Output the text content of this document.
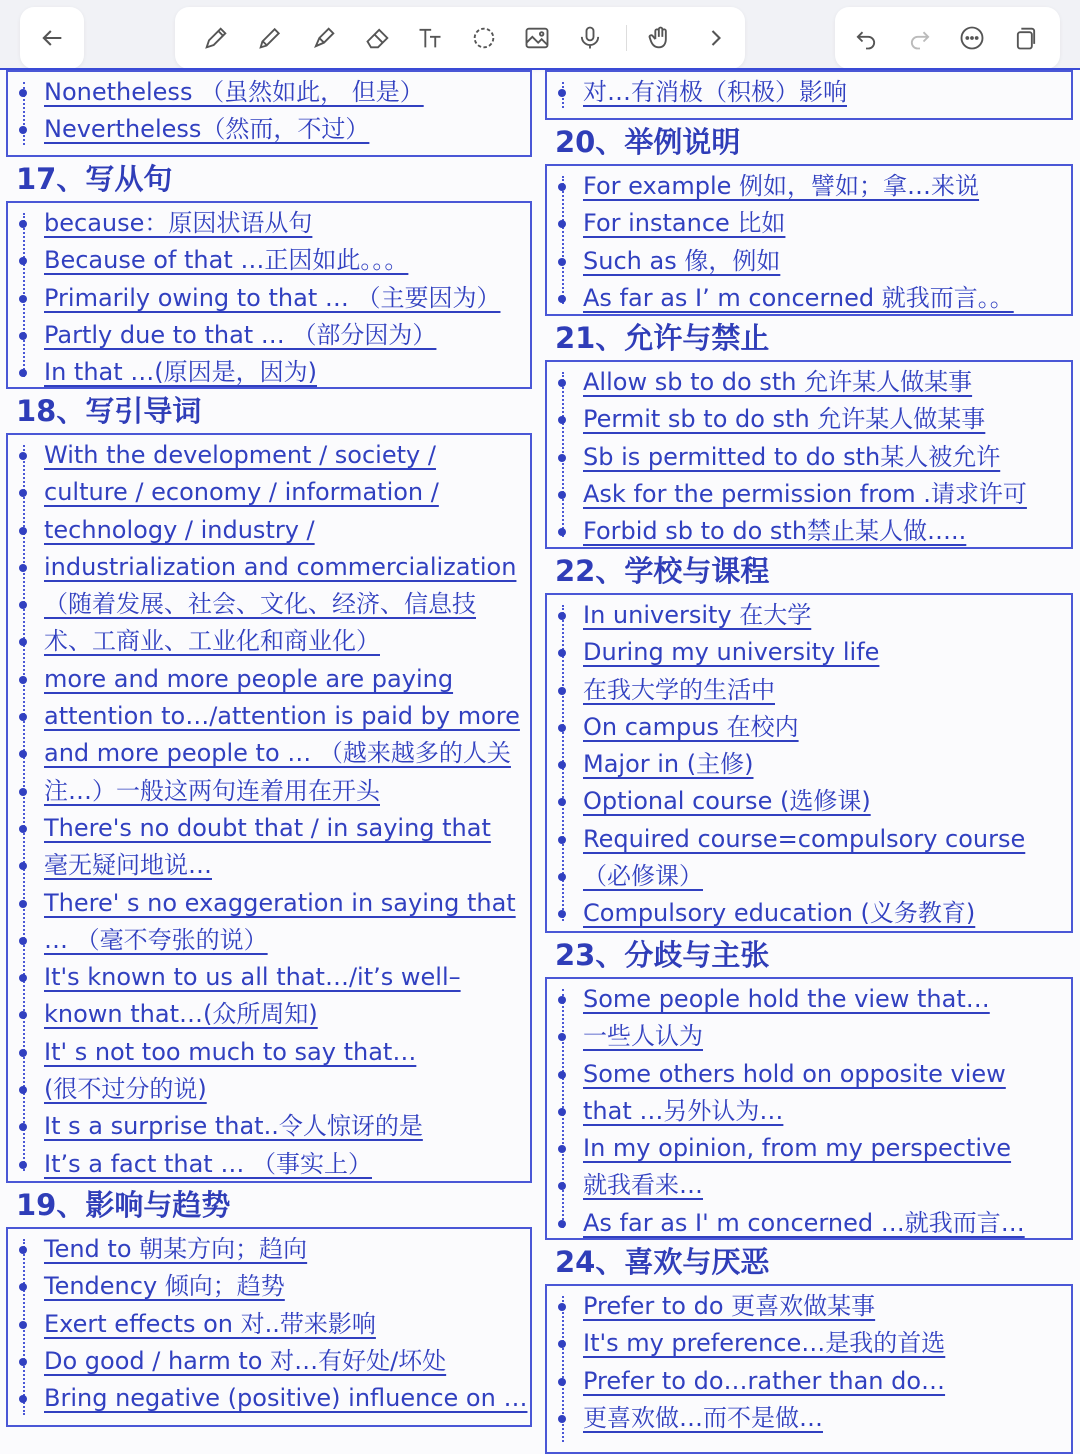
Nonetheless （虽然如此， 但是）
Nevertheless（然而，不过）
17、写从句
because：原因状语从句
Because of that …正因如此。。。
Primarily owing to that … （主要因为）
Partly due to that … （部分因为）
In that …(原因是，因为)
18、写引导词
With the development / society /
culture / economy / information /
technology / industry /
industrialization and commercialization
（随着发展、社会、文化、经济、信息技
术、工商业、工业化和商业化）
more and more people are paying
attention to…/attention is paid by more
and more people to … （越来越多的人关
注…）一般这两句连着用在开头
There's no doubt that / in saying that
毫无疑问地说…
There' s no exaggeration in saying that
… （毫不夸张的说）
It's known to us all that…/it’s well–
known that…(众所周知)
It' s not too much to say that…
(很不过分的说)
It s a surprise that..令人惊讶的是
It’s a fact that … （事实上）
19、影响与趋势
Tend to 朝某方向；趋向
Tendency 倾向；趋势
Exert effects on 对..带来影响
Do good / harm to 对…有好处/坏处
Bring negative (positive) influence on …
对…有消极（积极）影响
20、举例说明
For example 例如，譬如；拿…来说
For instance 比如
Such as 像，例如
As far as I’ m concerned 就我而言。。
21、允许与禁止
Allow sb to do sth 允许某人做某事
Permit sb to do sth 允许某人做某事
Sb is permitted to do sth某人被允许
Ask for the permission from .请求许可
Forbid sb to do sth禁止某人做…..
22、学校与课程
In university 在大学
During my university life
在我大学的生活中
On campus 在校内
Major in (主修)
Optional course (选修课)
Required course=compulsory course
（必修课）
Compulsory education (义务教育)
23、分歧与主张
Some people hold the view that…
一些人认为
Some others hold on opposite view
that …另外认为…
In my opinion, from my perspective
就我看来…
As far as I' m concerned …就我而言…
24、喜欢与厌恶
Prefer to do 更喜欢做某事
It's my preference…是我的首选
Prefer to do…rather than do…
更喜欢做…而不是做…
